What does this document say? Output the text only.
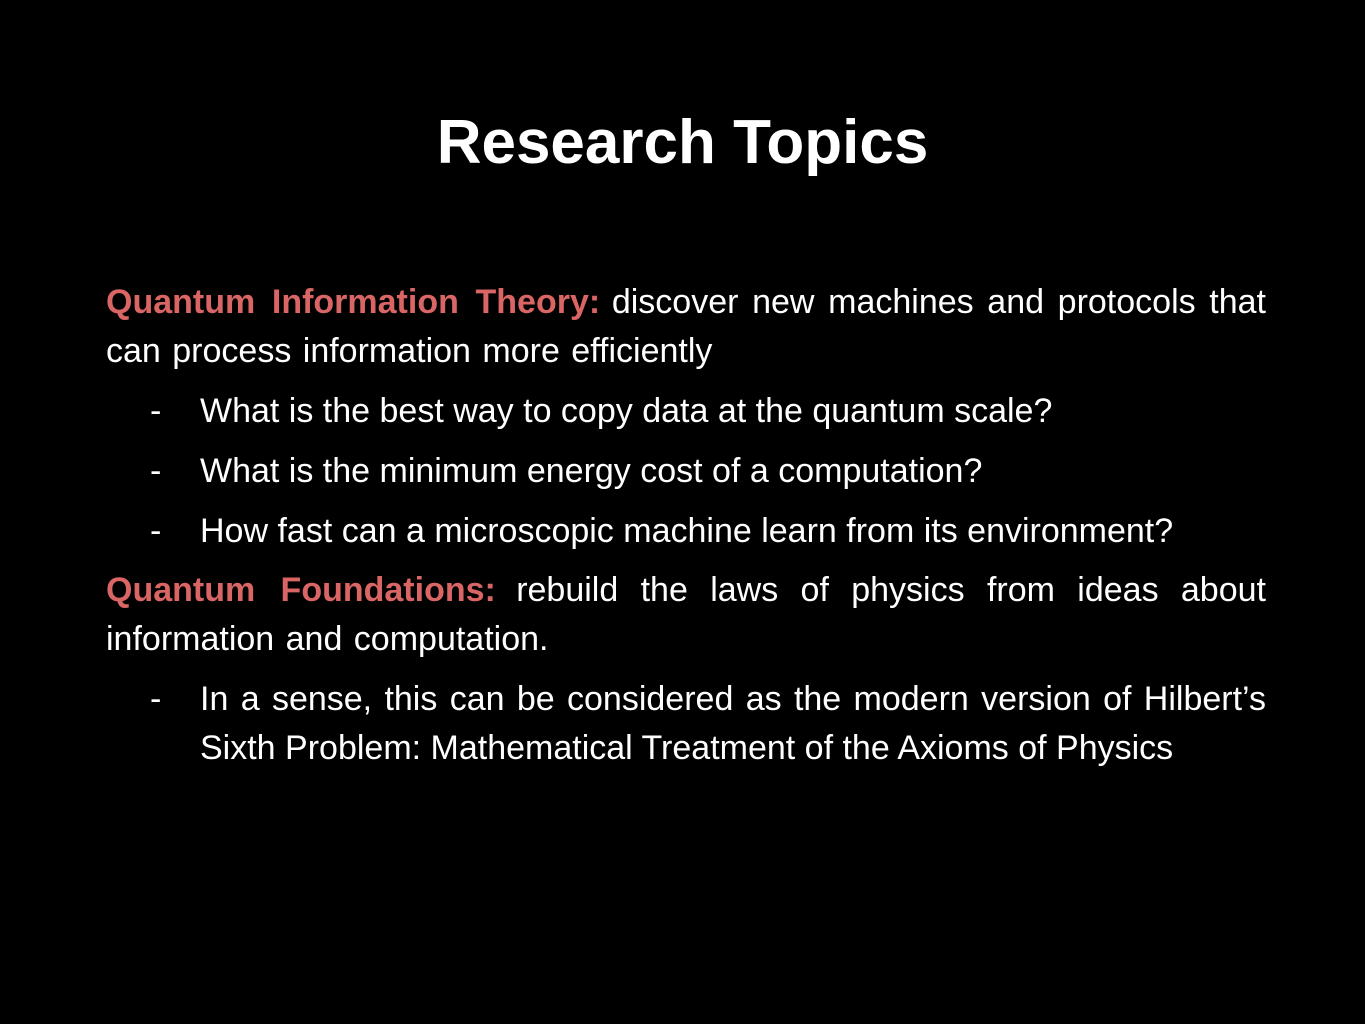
Research Topics

Quantum Information Theory: discover new machines and protocols that can process information more efficiently

- What is the best way to copy data at the quantum scale?
- What is the minimum energy cost of a computation?
- How fast can a microscopic machine learn from its environment?

Quantum Foundations: rebuild the laws of physics from ideas about information and computation.

- In a sense, this can be considered as the modern version of Hilbert’s Sixth Problem: Mathematical Treatment of the Axioms of Physics
